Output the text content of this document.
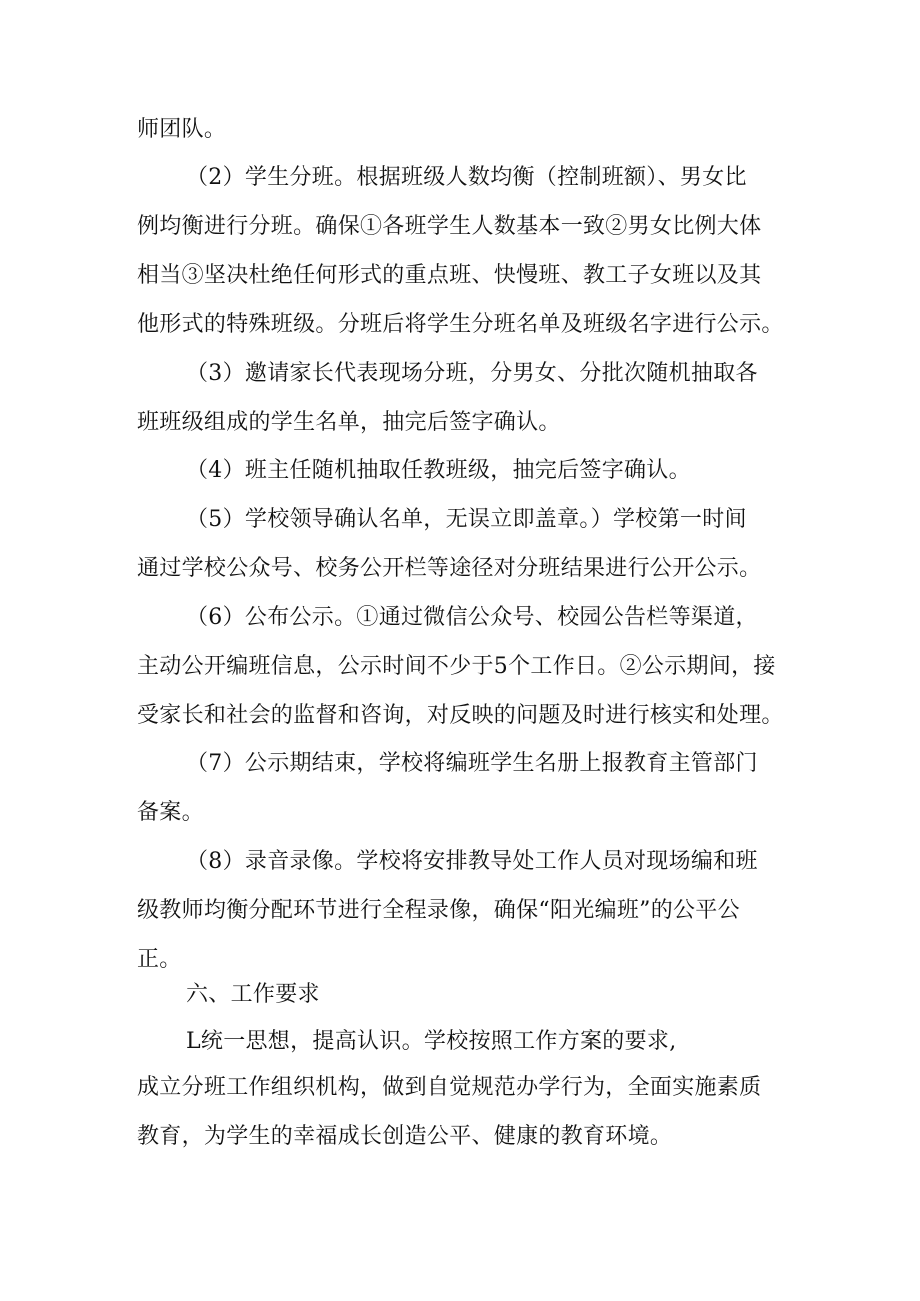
师团队。
（2）学生分班。根据班级人数均衡（控制班额）、男女比
例均衡进行分班。确保①各班学生人数基本一致②男女比例大体
相当③坚决杜绝任何形式的重点班、快慢班、教工子女班以及其
他形式的特殊班级。分班后将学生分班名单及班级名字进行公示。
（3）邀请家长代表现场分班，分男女、分批次随机抽取各
班班级组成的学生名单，抽完后签字确认。
（4）班主任随机抽取任教班级，抽完后签字确认。
（5）学校领导确认名单，无误立即盖章。）学校第一时间
通过学校公众号、校务公开栏等途径对分班结果进行公开公示。
（6）公布公示。①通过微信公众号、校园公告栏等渠道，
主动公开编班信息，公示时间不少于5个工作日。②公示期间，接
受家长和社会的监督和咨询，对反映的问题及时进行核实和处理。
（7）公示期结束，学校将编班学生名册上报教育主管部门
备案。
（8）录音录像。学校将安排教导处工作人员对现场编和班
级教师均衡分配环节进行全程录像，确保“阳光编班”的公平公
正。
六、工作要求
L统一思想，提高认识。学校按照工作方案的要求,
成立分班工作组织机构，做到自觉规范办学行为，全面实施素质
教育，为学生的幸福成长创造公平、健康的教育环境。
